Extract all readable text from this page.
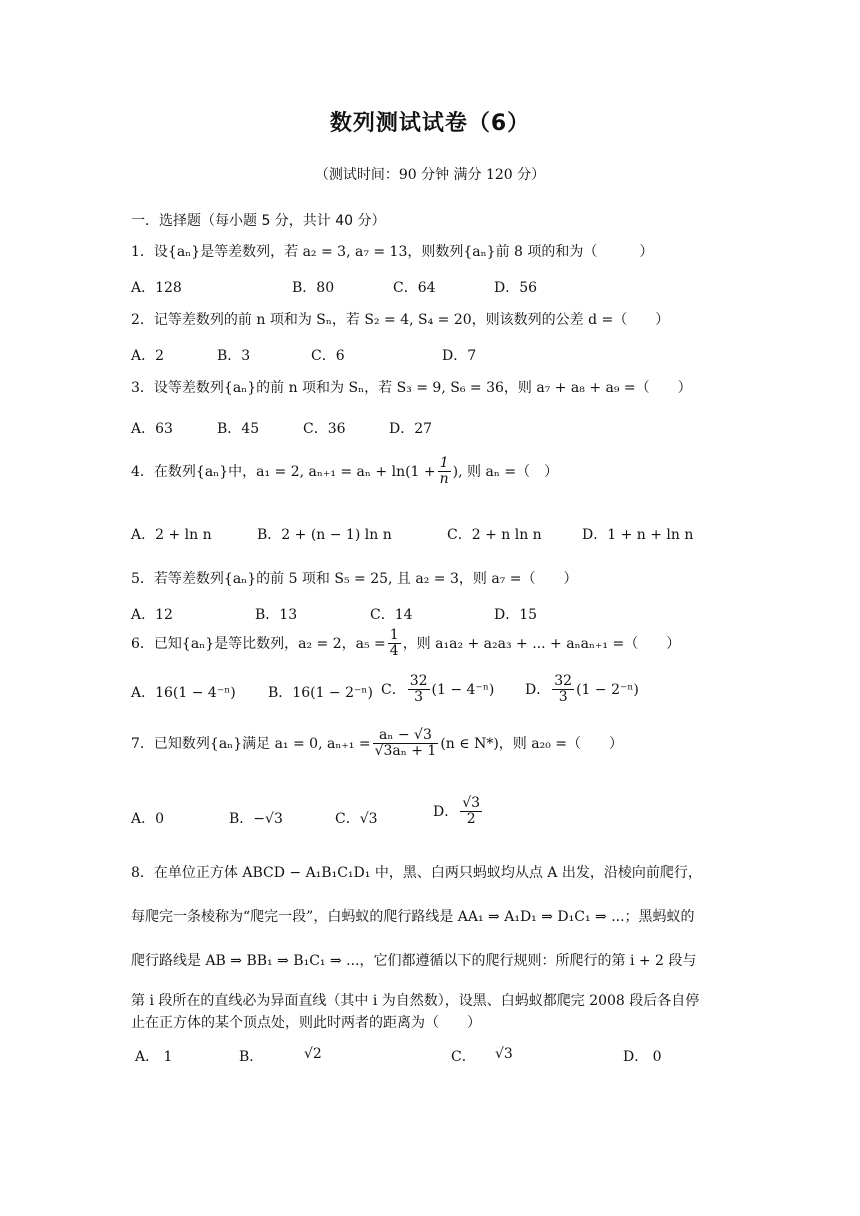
数列测试试卷（6）
（测试时间：90 分钟 满分 120 分）
一．选择题（每小题 5 分，共计 40 分）
1．设{aₙ}是等差数列，若 a₂ = 3, a₇ = 13，则数列{aₙ}前 8 项的和为（　　　）
A．128	B．80	C．64	D．56
2．记等差数列的前 n 项和为 Sₙ，若 S₂ = 4, S₄ = 20，则该数列的公差 d =（　　）
A．2	B．3	C．6	D．7
3．设等差数列{aₙ}的前 n 项和为 Sₙ，若 S₃ = 9, S₆ = 36，则 a₇ + a₈ + a₉ =（　　）
A．63	B．45	C．36	D．27
4．在数列{aₙ}中，a₁ = 2, $a_{n+1} = a_n + \ln(1 + \frac{1}{n}$ ), 则 aₙ =（　）
A．2 + ln n	B．2 + (n − 1) ln n	C．2 + n ln n	D．1 + n + ln n
5．若等差数列{aₙ}的前 5 项和 S₅ = 25, 且 a₂ = 3，则 a₇ =（　　）
A．12	B．13	C．14	D．15
6．已知{aₙ}是等比数列，a₂ = 2，$a_5 = \frac{1}{4}$ ，则 a₁a₂ + a₂a₃ + ... + aₙaₙ₊₁ =（　　）
A．16(1 − 4⁻ⁿ) B．16(1 − 2⁻ⁿ) C． $\frac{32}{3} (1 - 4^{-n})$ D． $\frac{32}{3} (1 - 2^{-n})$
7．已知数列{aₙ}满足 a₁ = 0, $a_{n+1} = \frac{\text{aₙ − √3}}{\text{√3aₙ + 1}} (n$ ∈ N*)，则 a₂₀ =（　　）
A．0	B．−√3	C．√3	D． $\frac{√3}{2}$
8．在单位正方体 ABCD − A₁B₁C₁D₁ 中，黑、白两只蚂蚁均从点 A 出发，沿棱向前爬行，
每爬完一条棱称为“爬完一段”，白蚂蚁的爬行路线是 AA₁ ⇒ A₁D₁ ⇒ D₁C₁ ⇒ ...；黑蚂蚁的
爬行路线是 AB ⇒ BB₁ ⇒ B₁C₁ ⇒ ...，它们都遵循以下的爬行规则：所爬行的第 i + 2 段与
第 i 段所在的直线必为异面直线（其中 i 为自然数），设黑、白蚂蚁都爬完 2008 段后各自停
止在正方体的某个顶点处，则此时两者的距离为（　　）
A． 1	B．	√2	C． √3	D． 0
